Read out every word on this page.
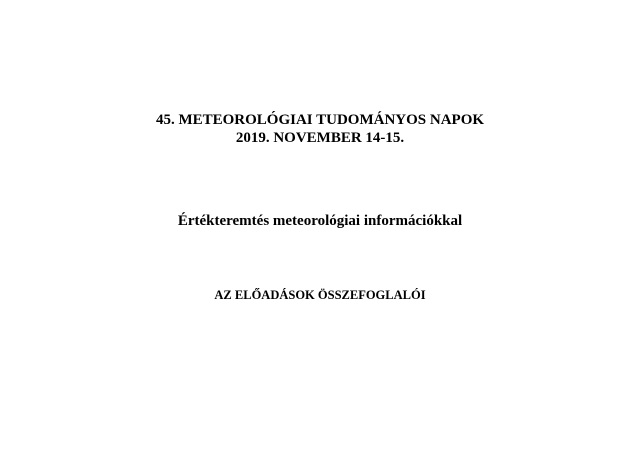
45. METEOROLÓGIAI TUDOMÁNYOS NAPOK

2019. NOVEMBER 14-15.

Értékteremtés meteorológiai információkkal

AZ ELŐADÁSOK ÖSSZEFOGLALÓI
